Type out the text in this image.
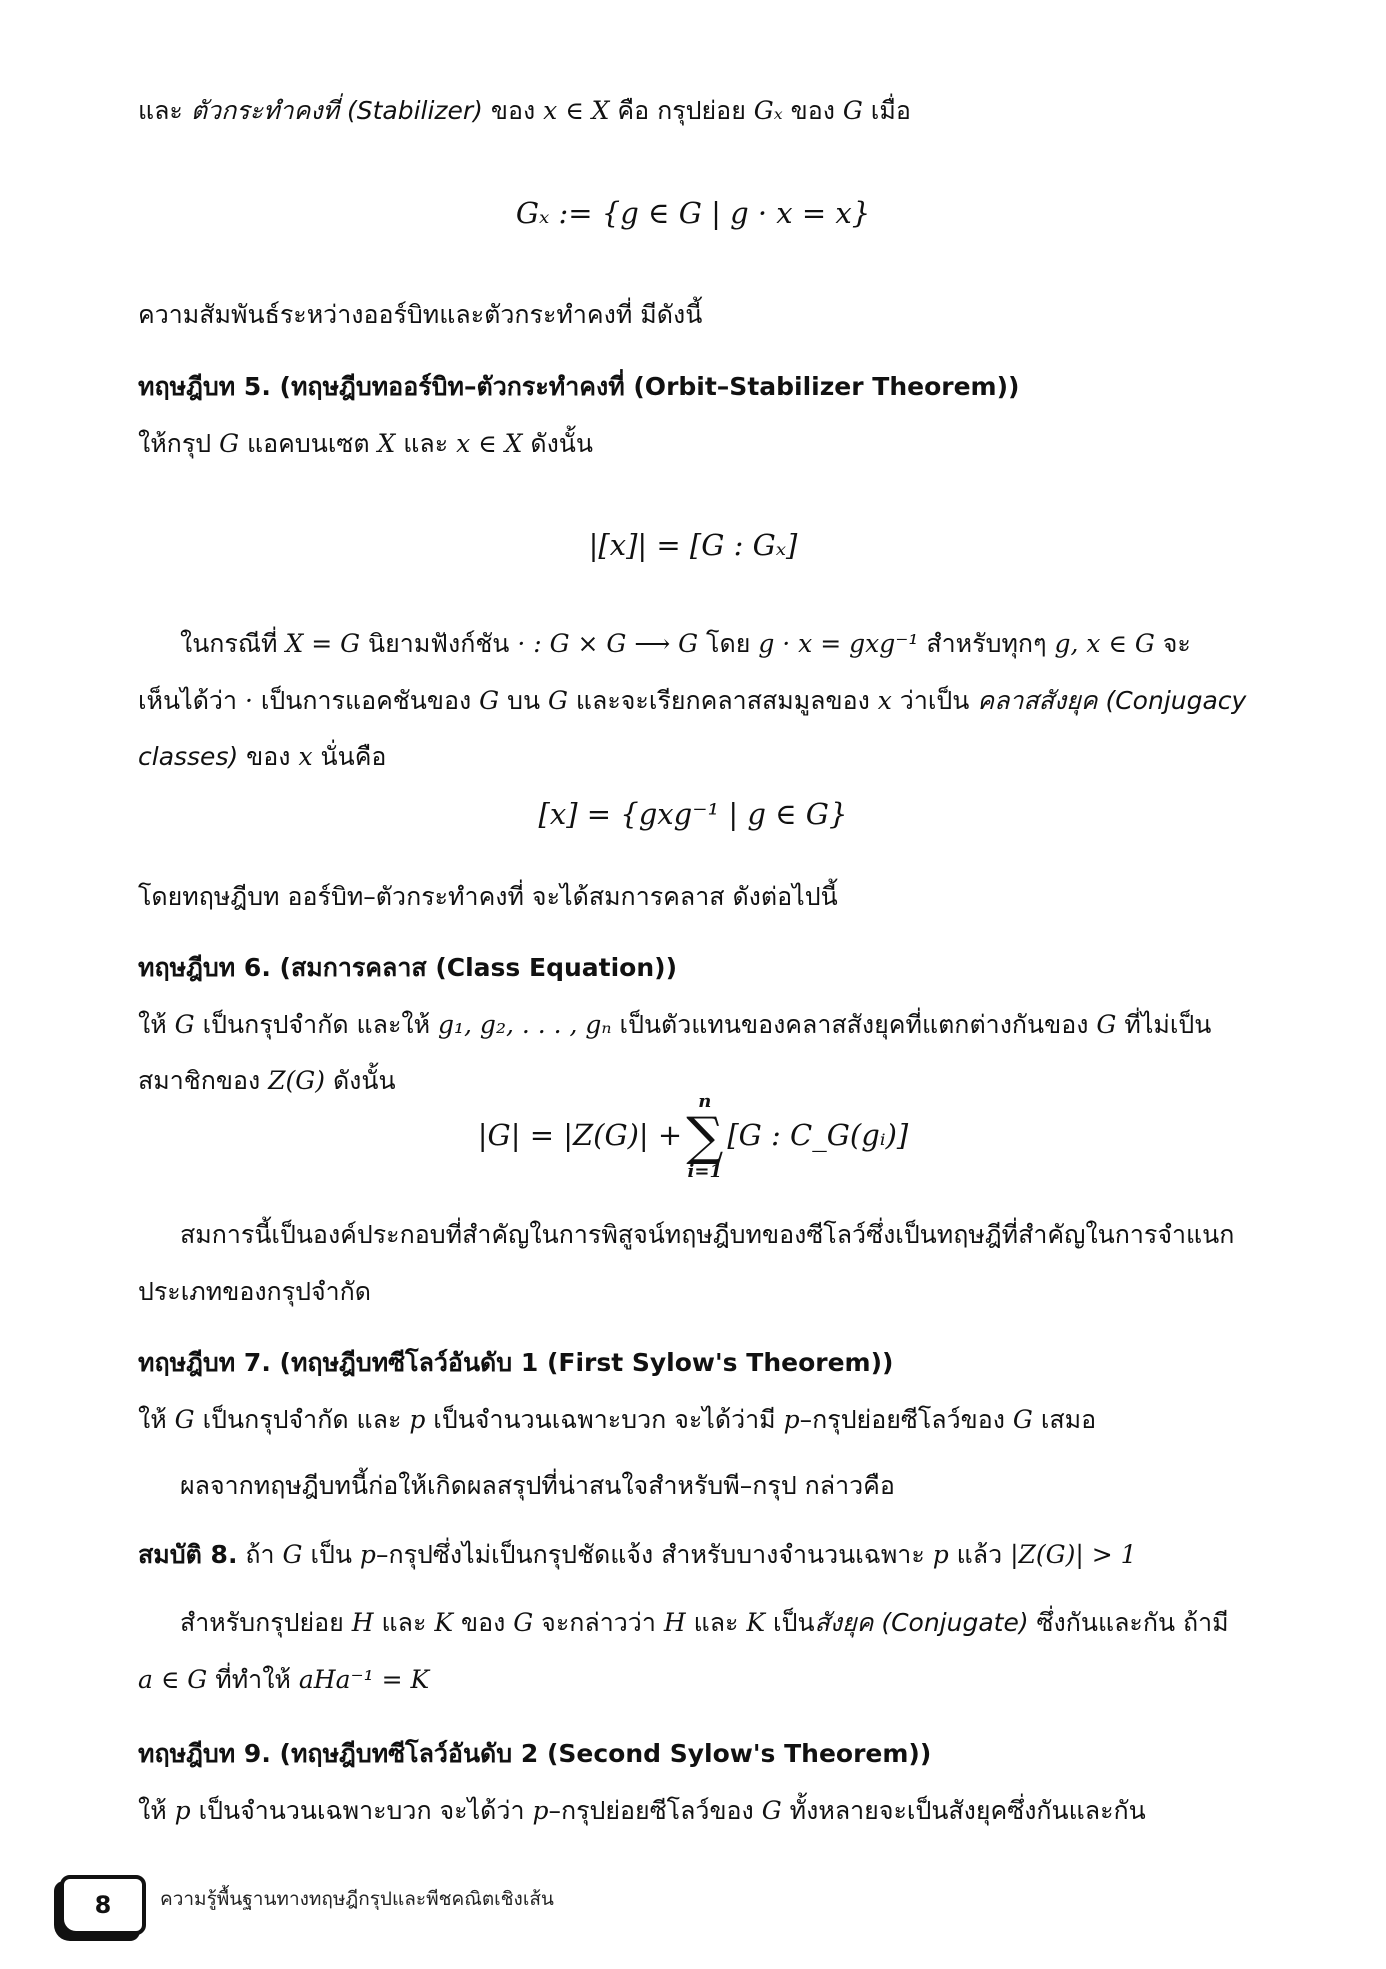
และ ตัวกระทำคงที่ (Stabilizer) ของ x ∈ X คือ กรุปย่อย Gₓ ของ G เมื่อ
Gₓ := {g ∈ G | g · x = x}
ความสัมพันธ์ระหว่างออร์บิทและตัวกระทำคงที่ มีดังนี้
ทฤษฎีบท 5. (ทฤษฎีบทออร์บิท–ตัวกระทำคงที่ (Orbit–Stabilizer Theorem))
ให้กรุป G แอคบนเซต X และ x ∈ X ดังนั้น
|[x]| = [G : Gₓ]
ในกรณีที่ X = G นิยามฟังก์ชัน · : G × G ⟶ G โดย g · x = gxg⁻¹ สำหรับทุกๆ g, x ∈ G จะ
เห็นได้ว่า · เป็นการแอคชันของ G บน G และจะเรียกคลาสสมมูลของ x ว่าเป็น คลาสสังยุค (Conjugacy
classes) ของ x นั่นคือ
[x] = {gxg⁻¹ | g ∈ G}
โดยทฤษฎีบท ออร์บิท–ตัวกระทำคงที่ จะได้สมการคลาส ดังต่อไปนี้
ทฤษฎีบท 6. (สมการคลาส (Class Equation))
ให้ G เป็นกรุปจำกัด และให้ g₁, g₂, . . . , gₙ เป็นตัวแทนของคลาสสังยุคที่แตกต่างกันของ G ที่ไม่เป็น
สมาชิกของ Z(G) ดังนั้น
|G| = |Z(G)| +
n
∑
i=1
[G : C_G(gᵢ)]
สมการนี้เป็นองค์ประกอบที่สำคัญในการพิสูจน์ทฤษฎีบทของซีโลว์ซึ่งเป็นทฤษฎีที่สำคัญในการจำแนก
ประเภทของกรุปจำกัด
ทฤษฎีบท 7. (ทฤษฎีบทซีโลว์อันดับ 1 (First Sylow's Theorem))
ให้ G เป็นกรุปจำกัด และ p เป็นจำนวนเฉพาะบวก จะได้ว่ามี p–กรุปย่อยซีโลว์ของ G เสมอ
ผลจากทฤษฎีบทนี้ก่อให้เกิดผลสรุปที่น่าสนใจสำหรับพี–กรุป กล่าวคือ
สมบัติ 8. ถ้า G เป็น p–กรุปซึ่งไม่เป็นกรุปชัดแจ้ง สำหรับบางจำนวนเฉพาะ p แล้ว |Z(G)| > 1
สำหรับกรุปย่อย H และ K ของ G จะกล่าวว่า H และ K เป็นสังยุค (Conjugate) ซึ่งกันและกัน ถ้ามี
a ∈ G ที่ทำให้ aHa⁻¹ = K
ทฤษฎีบท 9. (ทฤษฎีบทซีโลว์อันดับ 2 (Second Sylow's Theorem))
ให้ p เป็นจำนวนเฉพาะบวก จะได้ว่า p–กรุปย่อยซีโลว์ของ G ทั้งหลายจะเป็นสังยุคซึ่งกันและกัน
8	ความรู้พื้นฐานทางทฤษฎีกรุปและพีชคณิตเชิงเส้น
